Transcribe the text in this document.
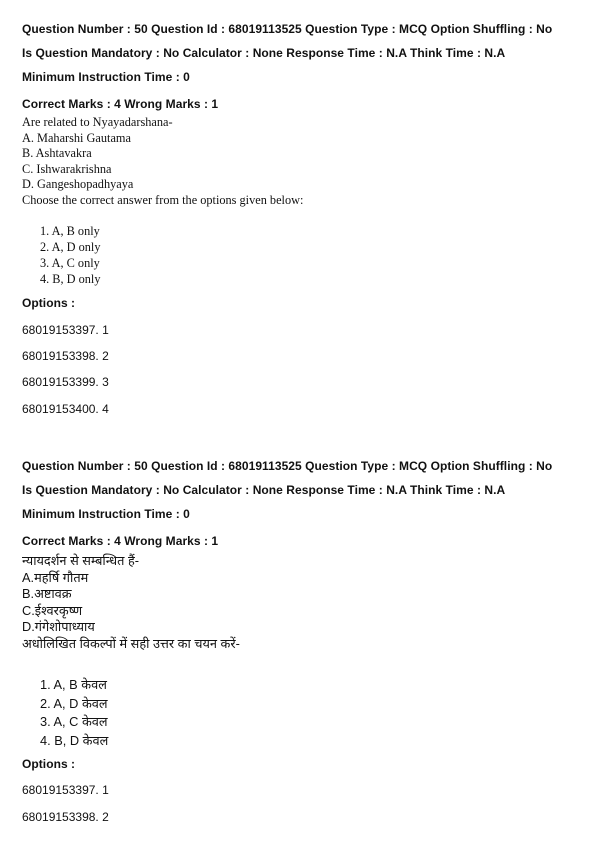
Question Number : 50 Question Id : 68019113525 Question Type : MCQ Option Shuffling : No
Is Question Mandatory : No Calculator : None Response Time : N.A Think Time : N.A
Minimum Instruction Time : 0
Correct Marks : 4 Wrong Marks : 1
Are related to Nyayadarshana-
A. Maharshi Gautama
B. Ashtavakra
C. Ishwarakrishna
D. Gangeshopadhyaya
Choose the correct answer from the options given below:
1. A, B only
2. A, D only
3. A, C only
4. B, D only
Options :
68019153397. 1
68019153398. 2
68019153399. 3
68019153400. 4
Question Number : 50 Question Id : 68019113525 Question Type : MCQ Option Shuffling : No
Is Question Mandatory : No Calculator : None Response Time : N.A Think Time : N.A
Minimum Instruction Time : 0
Correct Marks : 4 Wrong Marks : 1
न्यायदर्शन से सम्बन्धित हैं-
A.महर्षि गौतम
B.अष्टावक्र
C.ईश्वरकृष्ण
D.गंगेशोपाध्याय
अधोलिखित विकल्पों में सही उत्तर का चयन करें-
1. A, B केवल
2. A, D केवल
3. A, C केवल
4. B, D केवल
Options :
68019153397. 1
68019153398. 2
